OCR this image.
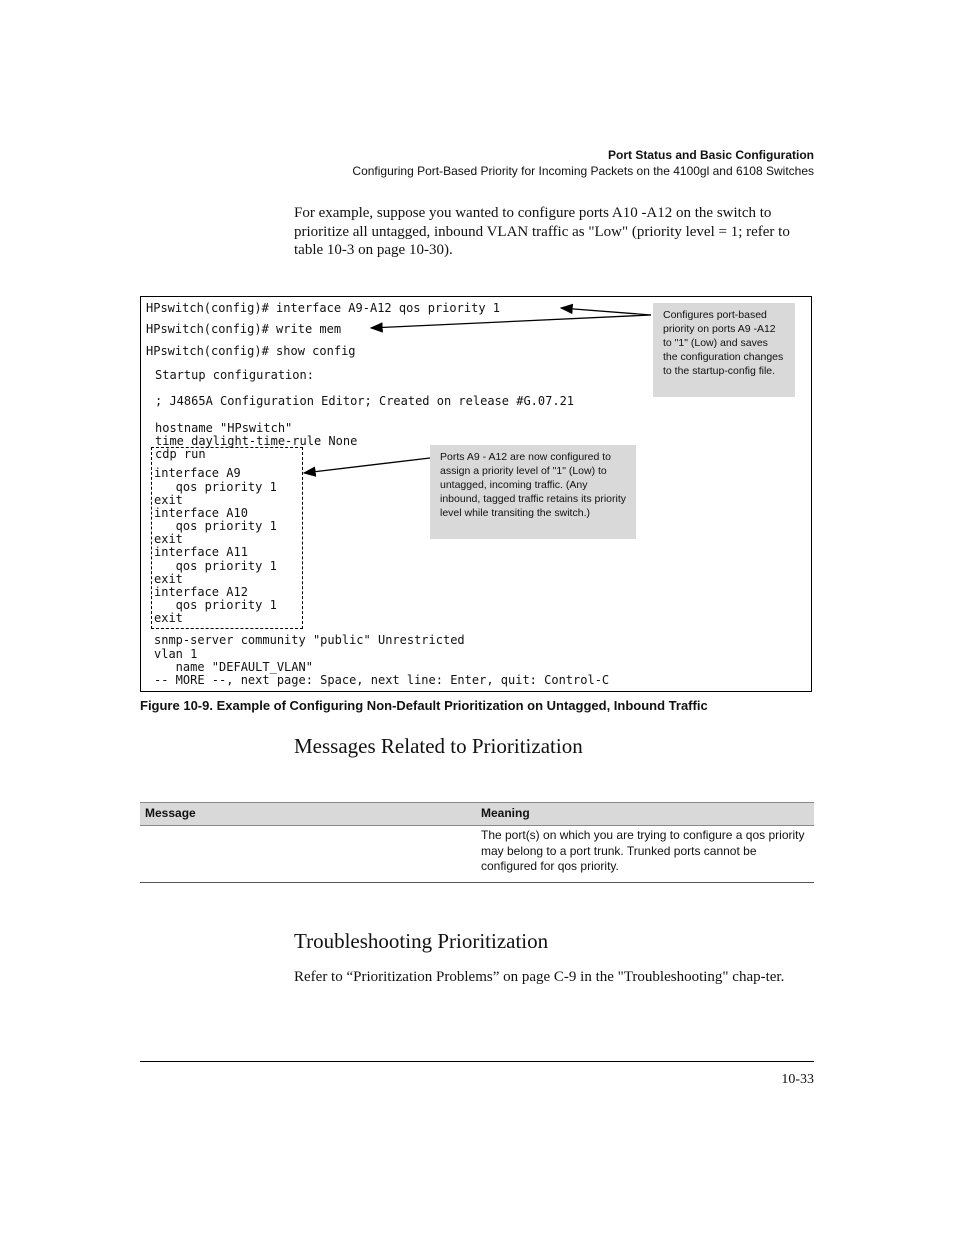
Port Status and Basic Configuration
Configuring Port-Based Priority for Incoming Packets on the 4100gl and 6108 Switches

For example, suppose you wanted to configure ports A10 -A12 on the switch to prioritize all untagged, inbound VLAN traffic as "Low" (priority level = 1; refer to table 10-3 on page 10-30).

HPswitch(config)# interface A9-A12 qos priority 1
HPswitch(config)# write mem
HPswitch(config)# show config
Startup configuration:
; J4865A Configuration Editor; Created on release #G.07.21
hostname "HPswitch"
time daylight-time-rule None
cdp run
interface A9
qos priority 1
exit
interface A10
qos priority 1
exit
interface A11
qos priority 1
exit
interface A12
qos priority 1
exit
snmp-server community "public" Unrestricted
vlan 1
name "DEFAULT_VLAN"
-- MORE --, next page: Space, next line: Enter, quit: Control-C
Configures port-based priority on ports A9 -A12 to "1" (Low) and saves the configuration changes to the startup-config file.
Ports A9 - A12 are now configured to assign a priority level of "1" (Low) to untagged, incoming traffic. (Any inbound, tagged traffic retains its priority level while transiting the switch.)
Figure 10-9. Example of Configuring Non-Default Prioritization on Untagged, Inbound Traffic
Messages Related to Prioritization
Message	Meaning
The port(s) on which you are trying to configure a qos priority may belong to a port trunk. Trunked ports cannot be configured for qos priority.
Troubleshooting Prioritization

Refer to “Prioritization Problems” on page C-9 in the "Troubleshooting" chap-ter.

10-33
